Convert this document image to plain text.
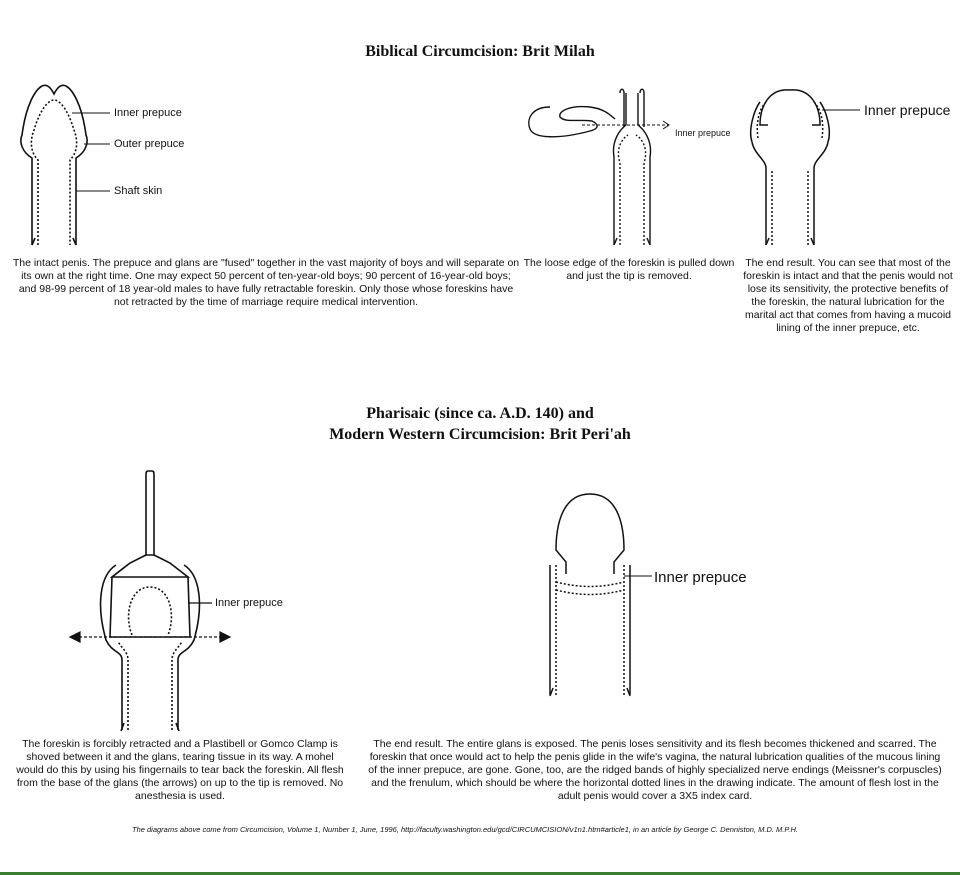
Biblical Circumcision: Brit Milah
Inner prepuce
Outer prepuce
Shaft skin
The intact penis. The prepuce and glans are "fused" together in the vast majority of boys and will separate on its own at the right time. One may expect 50 percent of ten-year-old boys; 90 percent of 16-year-old boys; and 98-99 percent of 18 year-old males to have fully retractable foreskin. Only those whose foreskins have not retracted by the time of marriage require medical intervention.
Inner prepuce
The loose edge of the foreskin is pulled down and just the tip is removed.
Inner prepuce
The end result. You can see that most of the foreskin is intact and that the penis would not lose its sensitivity, the protective benefits of the foreskin, the natural lubrication for the marital act that comes from having a mucoid lining of the inner prepuce, etc.
Pharisaic (since ca. A.D. 140) and
Modern Western Circumcision: Brit Peri'ah
Inner prepuce
The foreskin is forcibly retracted and a Plastibell or Gomco Clamp is shoved between it and the glans, tearing tissue in its way. A mohel would do this by using his fingernails to tear back the foreskin. All flesh from the base of the glans (the arrows) on up to the tip is removed. No anesthesia is used.
Inner prepuce
The end result. The entire glans is exposed. The penis loses sensitivity and its flesh becomes thickened and scarred. The foreskin that once would act to help the penis glide in the wife's vagina, the natural lubrication qualities of the mucous lining of the inner prepuce, are gone. Gone, too, are the ridged bands of highly specialized nerve endings (Meissner's corpuscles) and the frenulum, which should be where the horizontal dotted lines in the drawing indicate. The amount of flesh lost in the adult penis would cover a 3X5 index card.
The diagrams above come from Circumcision, Volume 1, Number 1, June, 1996, http://faculty.washington.edu/gcd/CIRCUMCISION/v1n1.htm#article1, in an article by George C. Denniston, M.D. M.P.H.
